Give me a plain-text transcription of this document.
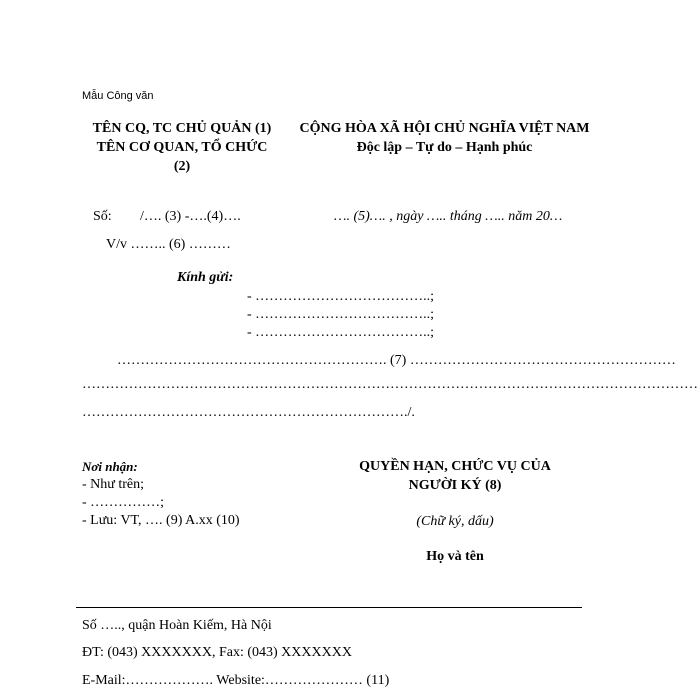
Mẫu Công văn
TÊN CQ, TC CHỦ QUẢN (1)
TÊN CƠ QUAN, TỔ CHỨC
(2)
CỘNG HÒA XÃ HỘI CHỦ NGHĨA VIỆT NAM
Độc lập – Tự do – Hạnh phúc
Số: /…. (3) -….(4)….	…. (5)…. , ngày ….. tháng ….. năm 20…
V/v …….. (6) ………
Kính gửi:
- ………………………………..;
- ………………………………..;
- ………………………………..;
…………………………………………………. (7) …………………………………………………
……………………………………………………………………………………………………………………
……………………………………………………………./.
Nơi nhận:
- Như trên;
- ……………;
- Lưu: VT, …. (9) A.xx (10)
QUYỀN HẠN, CHỨC VỤ CỦA
NGƯỜI KÝ (8)
(Chữ ký, dấu)
Họ và tên
Số ….., quận Hoàn Kiếm, Hà Nội
ĐT: (043) XXXXXXX, Fax: (043) XXXXXXX
E-Mail:………………. Website:………………… (11)
